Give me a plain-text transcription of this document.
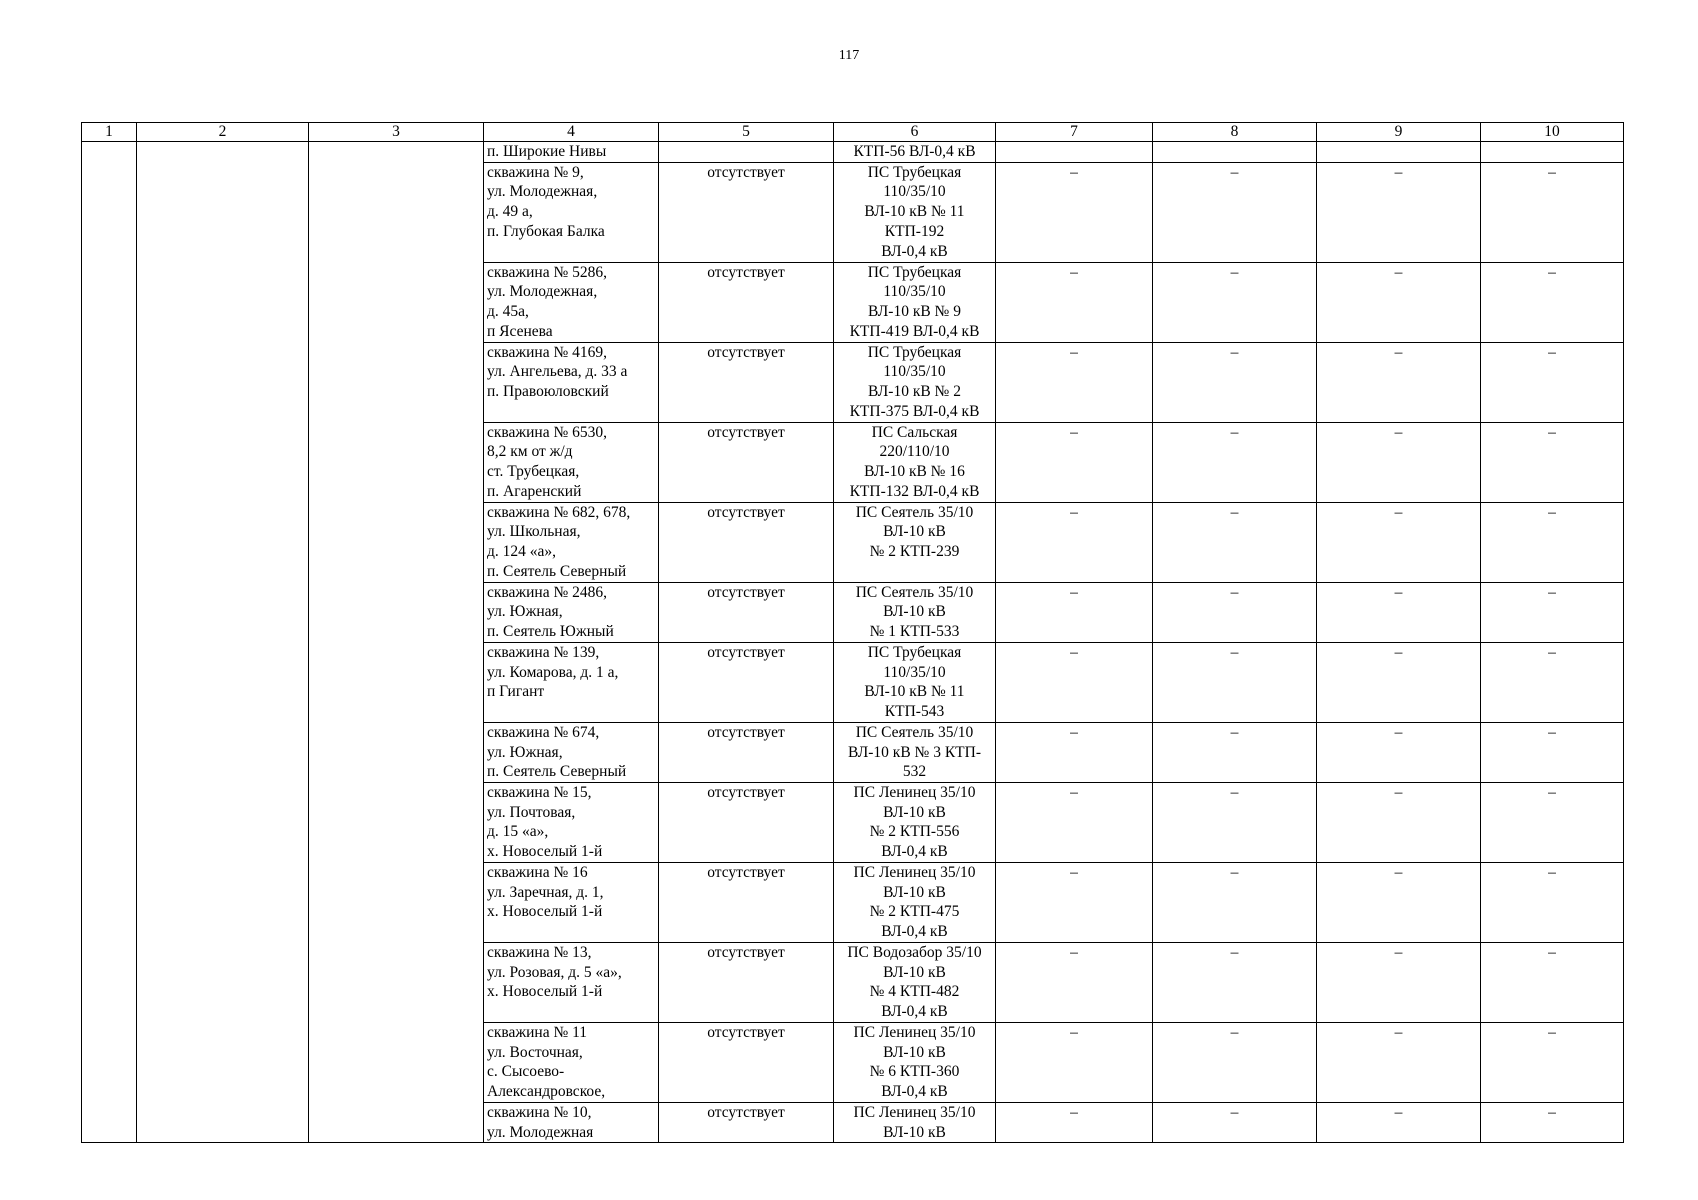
117
1	2	3	4	5	6	7	8	9	10
			п. Широкие Нивы		КТП-56 ВЛ-0,4 кВ				
			скважина № 9,
ул. Молодежная,
д. 49 а,
п. Глубокая Балка	отсутствует	ПС Трубецкая
110/35/10
ВЛ-10 кВ № 11
КТП-192
ВЛ-0,4 кВ	–	–	–	–
			скважина № 5286,
ул. Молодежная,
д. 45а,
п Ясенева	отсутствует	ПС Трубецкая
110/35/10
ВЛ-10 кВ № 9
КТП-419 ВЛ-0,4 кВ	–	–	–	–
			скважина № 4169,
ул. Ангельева, д. 33 а
п. Правоюловский	отсутствует	ПС Трубецкая
110/35/10
ВЛ-10 кВ № 2
КТП-375 ВЛ-0,4 кВ	–	–	–	–
			скважина № 6530,
8,2 км от ж/д
ст. Трубецкая,
п. Агаренский	отсутствует	ПС Сальская
220/110/10
ВЛ-10 кВ № 16
КТП-132 ВЛ-0,4 кВ	–	–	–	–
			скважина № 682, 678,
ул. Школьная,
д. 124 «а»,
п. Сеятель Северный	отсутствует	ПС Сеятель 35/10
ВЛ-10 кВ
№ 2 КТП-239	–	–	–	–
			скважина № 2486,
ул. Южная,
п. Сеятель Южный	отсутствует	ПС Сеятель 35/10
ВЛ-10 кВ
№ 1 КТП-533	–	–	–	–
			скважина № 139,
ул. Комарова, д. 1 а,
п Гигант	отсутствует	ПС Трубецкая
110/35/10
ВЛ-10 кВ № 11
КТП-543	–	–	–	–
			скважина № 674,
ул. Южная,
п. Сеятель Северный	отсутствует	ПС Сеятель 35/10
ВЛ-10 кВ № 3 КТП-
532	–	–	–	–
			скважина № 15,
ул. Почтовая,
д. 15 «а»,
х. Новоселый 1-й	отсутствует	ПС Ленинец 35/10
ВЛ-10 кВ
№ 2 КТП-556
ВЛ-0,4 кВ	–	–	–	–
			скважина № 16
ул. Заречная, д. 1,
х. Новоселый 1-й	отсутствует	ПС Ленинец 35/10
ВЛ-10 кВ
№ 2 КТП-475
ВЛ-0,4 кВ	–	–	–	–
			скважина № 13,
ул. Розовая, д. 5 «а»,
х. Новоселый 1-й	отсутствует	ПС Водозабор 35/10
ВЛ-10 кВ
№ 4 КТП-482
ВЛ-0,4 кВ	–	–	–	–
			скважина № 11
ул. Восточная,
с. Сысоево-
Александровское,	отсутствует	ПС Ленинец 35/10
ВЛ-10 кВ
№ 6 КТП-360
ВЛ-0,4 кВ	–	–	–	–
			скважина № 10,
ул. Молодежная	отсутствует	ПС Ленинец 35/10
ВЛ-10 кВ	–	–	–	–
